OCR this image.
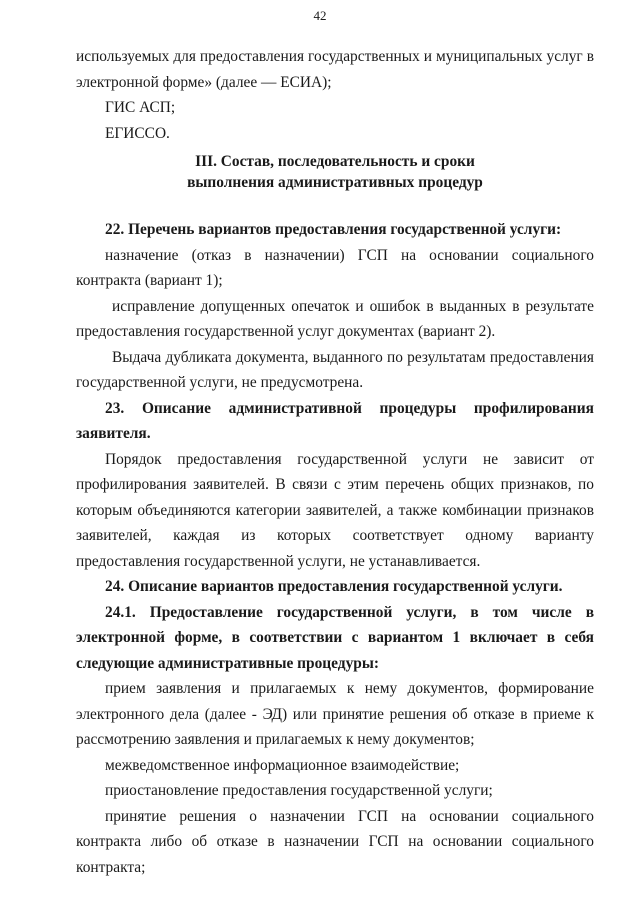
42

используемых для предоставления государственных и муниципальных услуг в электронной форме» (далее — ЕСИА);

ГИС АСП;

ЕГИССО.

III. Состав, последовательность и сроки
выполнения административных процедур

22. Перечень вариантов предоставления государственной услуги:

назначение (отказ в назначении) ГСП на основании социального контракта (вариант 1);

исправление допущенных опечаток и ошибок в выданных в результате предоставления государственной услуг документах (вариант 2).

Выдача дубликата документа, выданного по результатам предоставления государственной услуги, не предусмотрена.

23. Описание административной процедуры профилирования заявителя.

Порядок предоставления государственной услуги не зависит от профилирования заявителей. В связи с этим перечень общих признаков, по которым объединяются категории заявителей, а также комбинации признаков заявителей, каждая из которых соответствует одному варианту предоставления государственной услуги, не устанавливается.

24. Описание вариантов предоставления государственной услуги.

24.1. Предоставление государственной услуги, в том числе в электронной форме, в соответствии с вариантом 1 включает в себя следующие административные процедуры:

прием заявления и прилагаемых к нему документов, формирование электронного дела (далее - ЭД) или принятие решения об отказе в приеме к рассмотрению заявления и прилагаемых к нему документов;

межведомственное информационное взаимодействие;

приостановление предоставления государственной услуги;

принятие решения о назначении ГСП на основании социального контракта либо об отказе в назначении ГСП на основании социального контракта;
